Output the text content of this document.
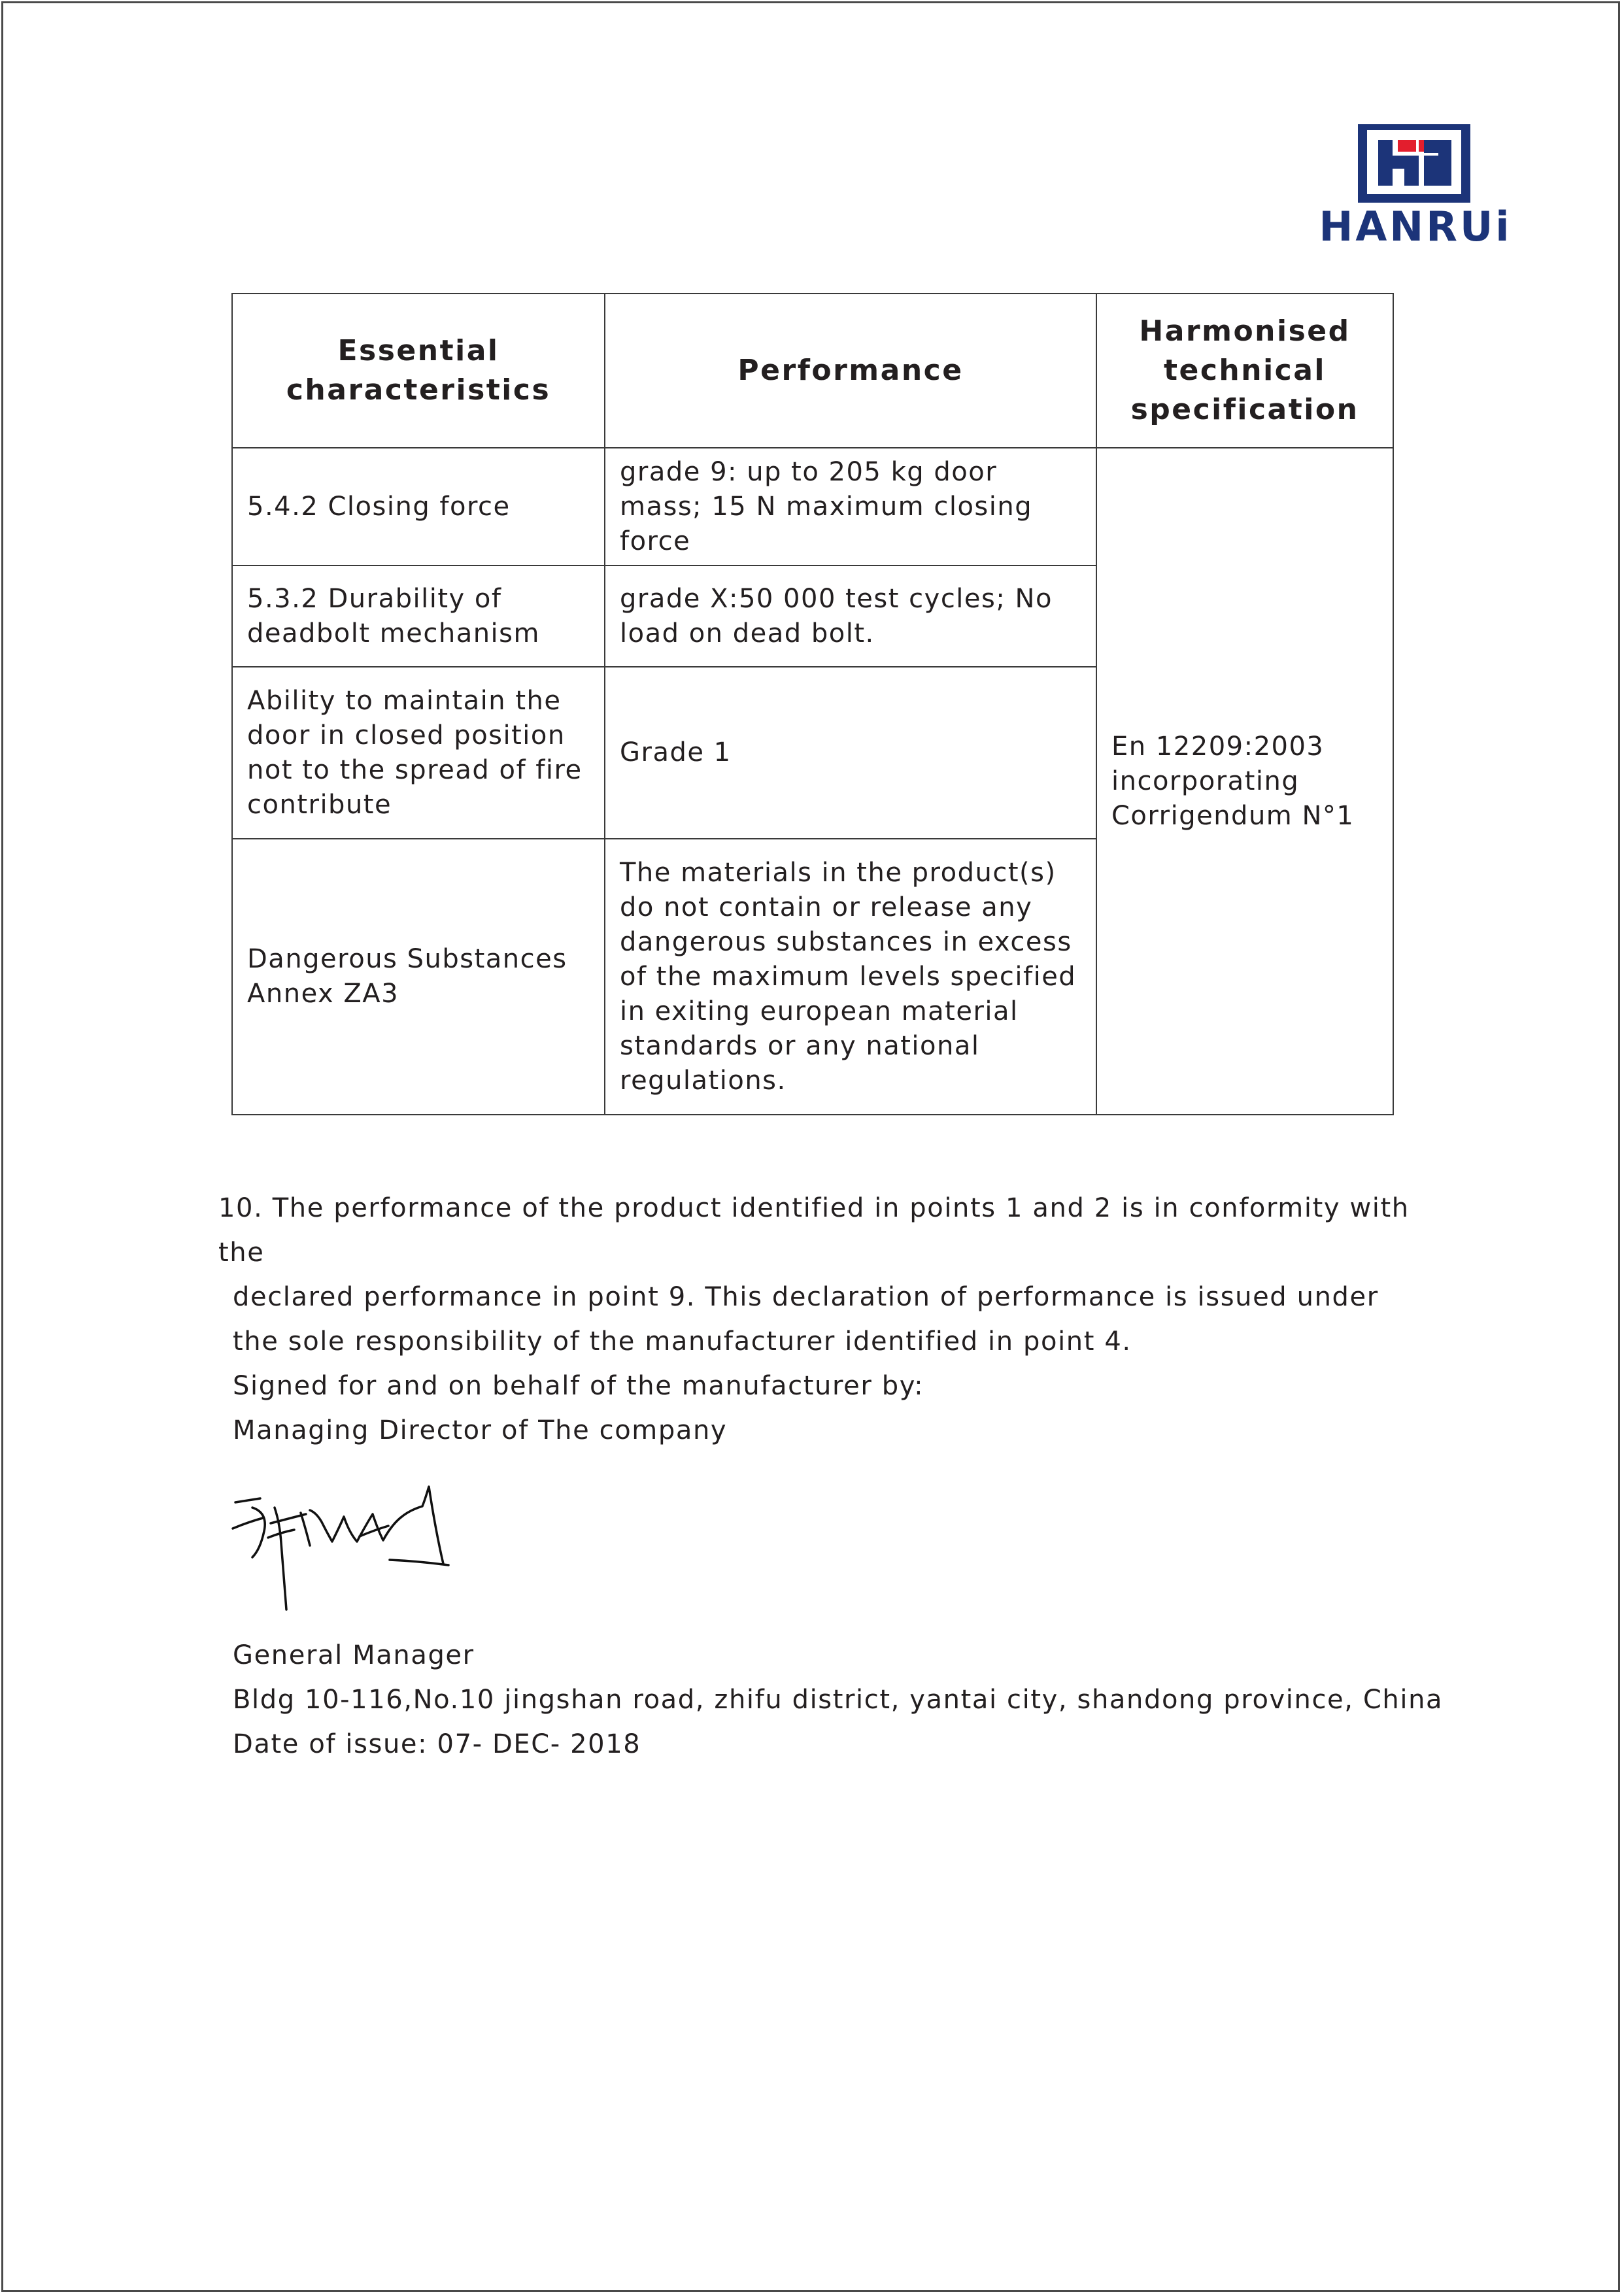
HANRUi
Essential characteristics	Performance	Harmonised technical specification
5.4.2 Closing force	grade 9: up to 205 kg door mass; 15 N maximum closing force	En 12209:2003 incorporating Corrigendum N°1
5.3.2 Durability of deadbolt mechanism	grade X:50 000 test cycles; No load on dead bolt.	
Ability to maintain the door in closed position not to the spread of fire contribute	Grade 1	
Dangerous Substances Annex ZA3	The materials in the product(s) do not contain or release any dangerous substances in excess of the maximum levels specified in exiting european material standards or any national regulations.	
10. The performance of the product identified in points 1 and 2 is in conformity with the
declared performance in point 9. This declaration of performance is issued under the sole responsibility of the manufacturer identified in point 4.
Signed for and on behalf of the manufacturer by:
Managing Director of The company
General Manager
Bldg 10-116,No.10 jingshan road, zhifu district, yantai city, shandong province, China
Date of issue: 07- DEC- 2018
